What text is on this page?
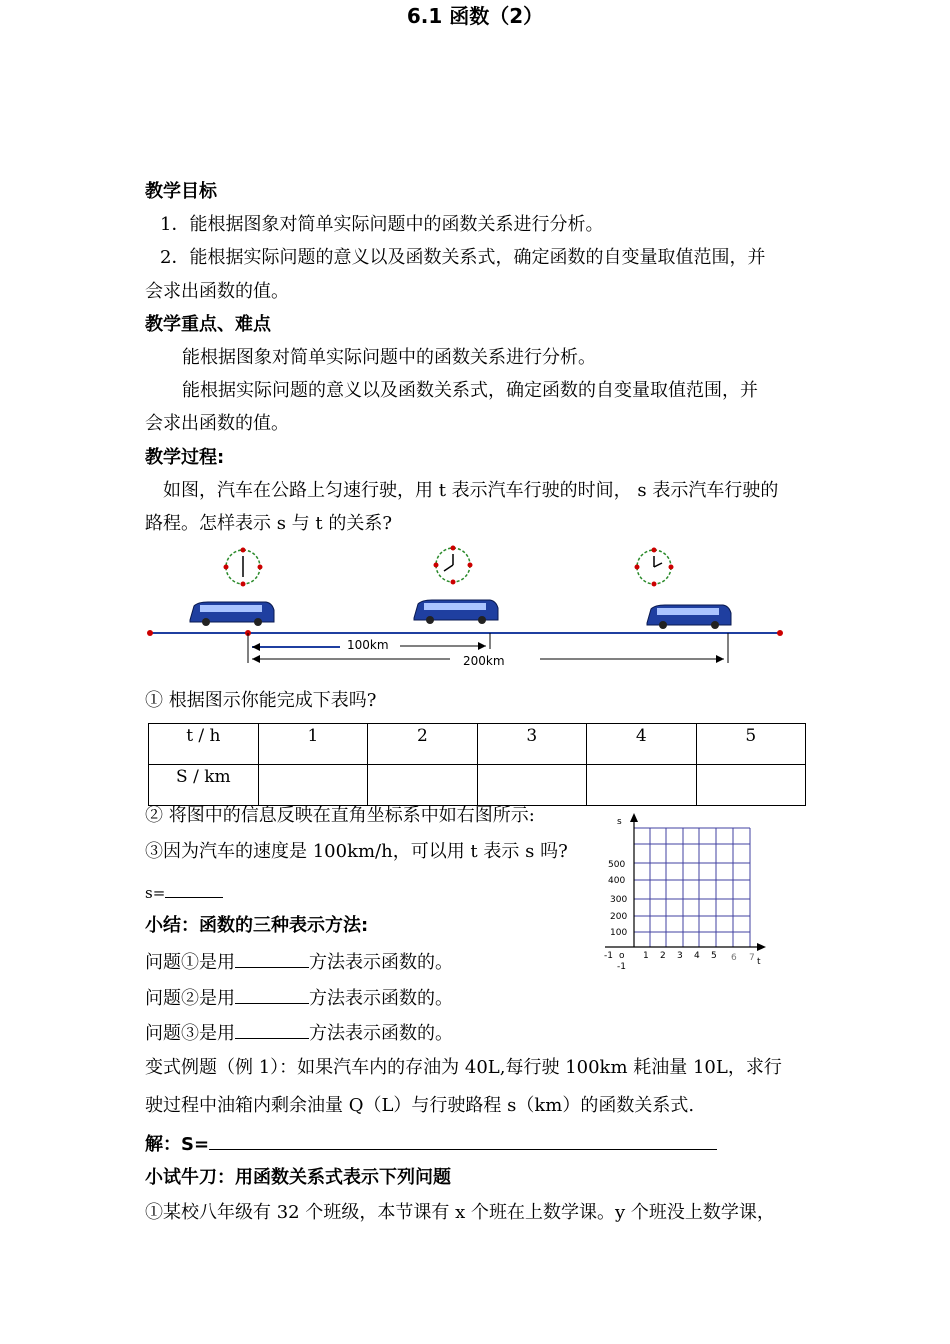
6.1 函数（2）
教学目标
1．能根据图象对简单实际问题中的函数关系进行分析。
2．能根据实际问题的意义以及函数关系式，确定函数的自变量取值范围，并
会求出函数的值。
教学重点、难点
能根据图象对简单实际问题中的函数关系进行分析。
能根据实际问题的意义以及函数关系式，确定函数的自变量取值范围，并
会求出函数的值。
教学过程:
如图，汽车在公路上匀速行驶，用 t 表示汽车行驶的时间， s 表示汽车行驶的
路程。怎样表示 s 与 t 的关系?
100km
200km
① 根据图示你能完成下表吗?
t / h	1	2	3	4	5
S / km					
② 将图中的信息反映在直角坐标系中如右图所示:
③因为汽车的速度是 100km/h，可以用 t 表示 s 吗?
s=
s
t
500
400
300
200
100
-1 o
-1
1 2 3 4 5 6 7
小结：函数的三种表示方法:
问题①是用	方法表示函数的。
问题②是用	方法表示函数的。
问题③是用	方法表示函数的。
变式例题（例 1）：如果汽车内的存油为 40L,每行驶 100km 耗油量 10L，求行
驶过程中油箱内剩余油量 Q（L）与行驶路程 s（km）的函数关系式.
解：S=
小试牛刀：用函数关系式表示下列问题
①某校八年级有 32 个班级，本节课有 x 个班在上数学课。y 个班没上数学课，
